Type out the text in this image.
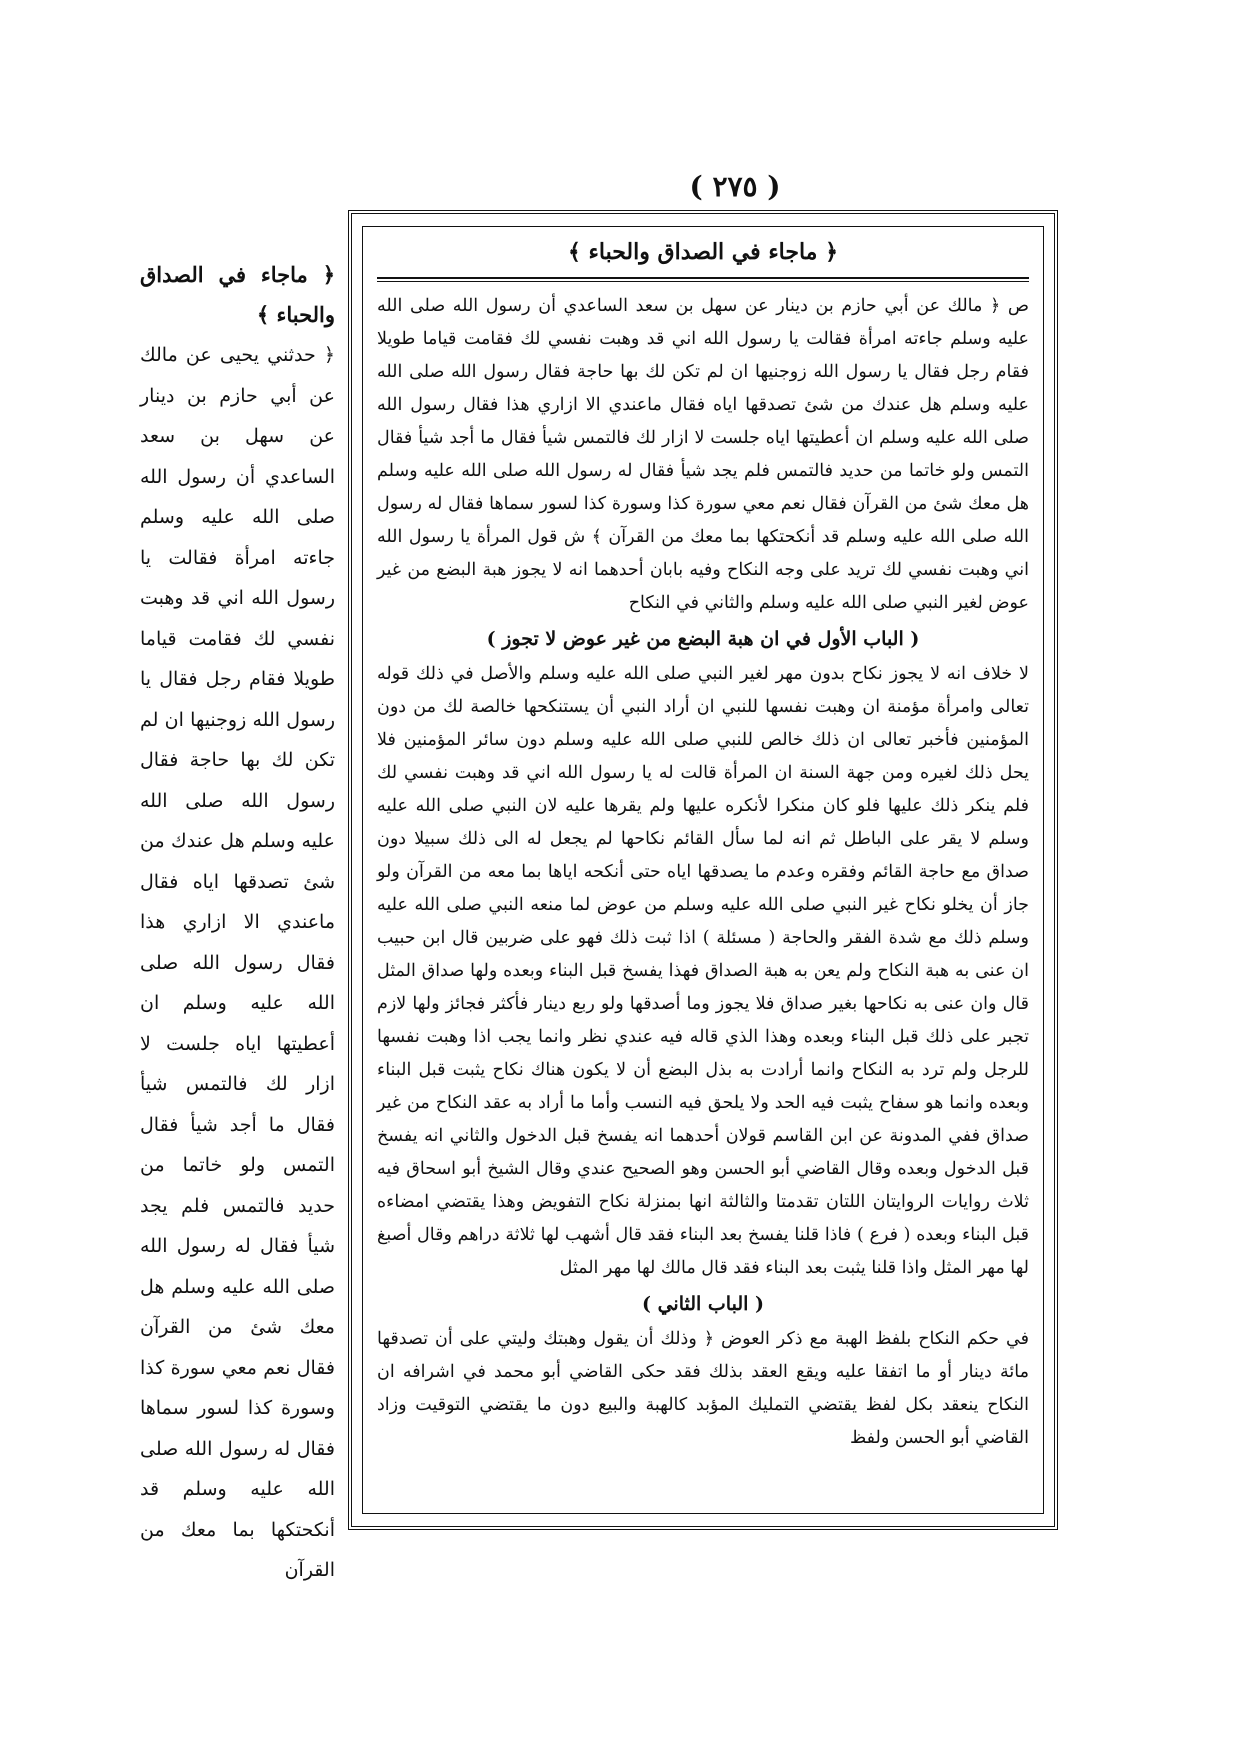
( ٢٧٥ )

﴿ ماجاء في الصداق والحباء ﴾

﴿ حدثني يحيى عن مالك عن أبي حازم بن دينار عن سهل بن سعد الساعدي أن رسول الله صلى الله عليه وسلم جاءته امرأة فقالت يا رسول الله اني قد وهبت نفسي لك فقامت قياما طويلا فقام رجل فقال يا رسول الله زوجنيها ان لم تكن لك بها حاجة فقال رسول الله صلى الله عليه وسلم هل عندك من شئ تصدقها اياه فقال ماعندي الا ازاري هذا فقال رسول الله صلى الله عليه وسلم ان أعطيتها اياه جلست لا ازار لك فالتمس شيأ فقال ما أجد شيأ فقال التمس ولو خاتما من حديد فالتمس فلم يجد شيأ فقال له رسول الله صلى الله عليه وسلم هل معك شئ من القرآن فقال نعم معي سورة كذا وسورة كذا لسور سماها فقال له رسول الله صلى الله عليه وسلم قد أنكحتكها بما معك من القرآن

﴿ ماجاء في الصداق والحباء ﴾

ص ﴿ مالك عن أبي حازم بن دينار عن سهل بن سعد الساعدي أن رسول الله صلى الله عليه وسلم جاءته امرأة فقالت يا رسول الله اني قد وهبت نفسي لك فقامت قياما طويلا فقام رجل فقال يا رسول الله زوجنيها ان لم تكن لك بها حاجة فقال رسول الله صلى الله عليه وسلم هل عندك من شئ تصدقها اياه فقال ماعندي الا ازاري هذا فقال رسول الله صلى الله عليه وسلم ان أعطيتها اياه جلست لا ازار لك فالتمس شيأ فقال ما أجد شيأ فقال التمس ولو خاتما من حديد فالتمس فلم يجد شيأ فقال له رسول الله صلى الله عليه وسلم هل معك شئ من القرآن فقال نعم معي سورة كذا وسورة كذا لسور سماها فقال له رسول الله صلى الله عليه وسلم قد أنكحتكها بما معك من القرآن ﴾ ش قول المرأة يا رسول الله اني وهبت نفسي لك تريد على وجه النكاح وفيه بابان أحدهما انه لا يجوز هبة البضع من غير عوض لغير النبي صلى الله عليه وسلم والثاني في النكاح

( الباب الأول في ان هبة البضع من غير عوض لا تجوز )

لا خلاف انه لا يجوز نكاح بدون مهر لغير النبي صلى الله عليه وسلم والأصل في ذلك قوله تعالى وامرأة مؤمنة ان وهبت نفسها للنبي ان أراد النبي أن يستنكحها خالصة لك من دون المؤمنين فأخبر تعالى ان ذلك خالص للنبي صلى الله عليه وسلم دون سائر المؤمنين فلا يحل ذلك لغيره ومن جهة السنة ان المرأة قالت له يا رسول الله اني قد وهبت نفسي لك فلم ينكر ذلك عليها فلو كان منكرا لأنكره عليها ولم يقرها عليه لان النبي صلى الله عليه وسلم لا يقر على الباطل ثم انه لما سأل القائم نكاحها لم يجعل له الى ذلك سبيلا دون صداق مع حاجة القائم وفقره وعدم ما يصدقها اياه حتى أنكحه اياها بما معه من القرآن ولو جاز أن يخلو نكاح غير النبي صلى الله عليه وسلم من عوض لما منعه النبي صلى الله عليه وسلم ذلك مع شدة الفقر والحاجة ( مسئلة ) اذا ثبت ذلك فهو على ضربين قال ابن حبيب ان عنى به هبة النكاح ولم يعن به هبة الصداق فهذا يفسخ قبل البناء وبعده ولها صداق المثل قال وان عنى به نكاحها بغير صداق فلا يجوز وما أصدقها ولو ربع دينار فأكثر فجائز ولها لازم تجبر على ذلك قبل البناء وبعده وهذا الذي قاله فيه عندي نظر وانما يجب اذا وهبت نفسها للرجل ولم ترد به النكاح وانما أرادت به بذل البضع أن لا يكون هناك نكاح يثبت قبل البناء وبعده وانما هو سفاح يثبت فيه الحد ولا يلحق فيه النسب وأما ما أراد به عقد النكاح من غير صداق ففي المدونة عن ابن القاسم قولان أحدهما انه يفسخ قبل الدخول والثاني انه يفسخ قبل الدخول وبعده وقال القاضي أبو الحسن وهو الصحيح عندي وقال الشيخ أبو اسحاق فيه ثلاث روايات الروايتان اللتان تقدمتا والثالثة انها بمنزلة نكاح التفويض وهذا يقتضي امضاءه قبل البناء وبعده ( فرع ) فاذا قلنا يفسخ بعد البناء فقد قال أشهب لها ثلاثة دراهم وقال أصبغ لها مهر المثل واذا قلنا يثبت بعد البناء فقد قال مالك لها مهر المثل

( الباب الثاني )

في حكم النكاح بلفظ الهبة مع ذكر العوض ﴿ وذلك أن يقول وهبتك وليتي على أن تصدقها مائة دينار أو ما اتفقا عليه ويقع العقد بذلك فقد حكى القاضي أبو محمد في اشرافه ان النكاح ينعقد بكل لفظ يقتضي التمليك المؤبد كالهبة والبيع دون ما يقتضي التوقيت وزاد القاضي أبو الحسن ولفظ
